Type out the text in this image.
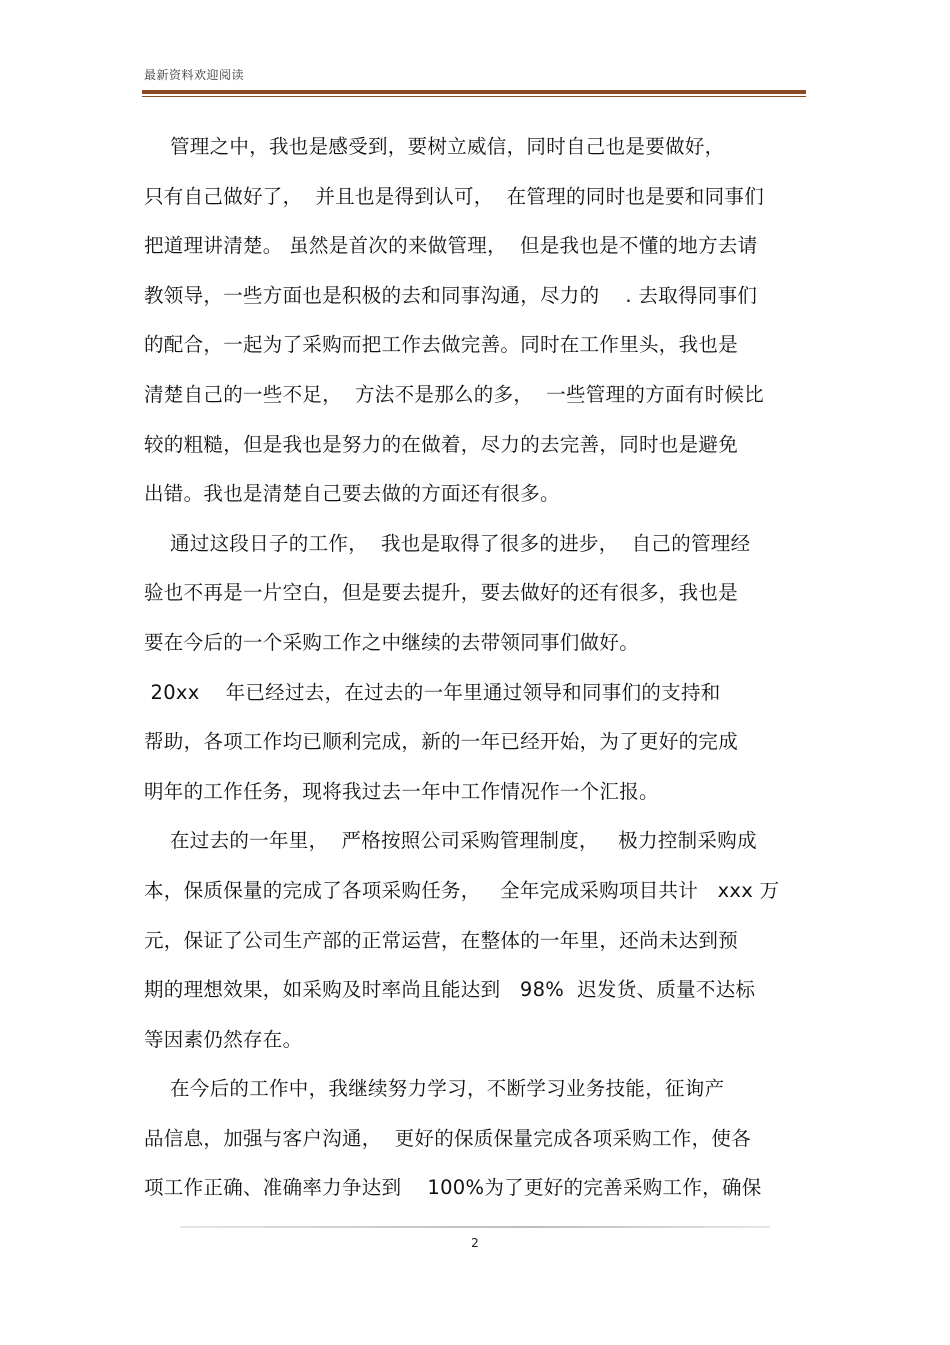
最新资料欢迎阅读
管理之中，我也是感受到，要树立威信，同时自己也是要做好，
只有自己做好了，  并且也是得到认可，  在管理的同时也是要和同事们
把道理讲清楚。 虽然是首次的来做管理，  但是我也是不懂的地方去请
教领导，一些方面也是积极的去和同事沟通，尽力的    . 去取得同事们
的配合，一起为了采购而把工作去做完善。同时在工作里头，我也是
清楚自己的一些不足，  方法不是那么的多，  一些管理的方面有时候比
较的粗糙，但是我也是努力的在做着，尽力的去完善，同时也是避免
出错。我也是清楚自己要去做的方面还有很多。
通过这段日子的工作，  我也是取得了很多的进步，  自己的管理经
验也不再是一片空白，但是要去提升，要去做好的还有很多，我也是
要在今后的一个采购工作之中继续的去带领同事们做好。
20xx    年已经过去，在过去的一年里通过领导和同事们的支持和
帮助，各项工作均已顺利完成，新的一年已经开始，为了更好的完成
明年的工作任务，现将我过去一年中工作情况作一个汇报。
在过去的一年里，  严格按照公司采购管理制度，   极力控制采购成
本，保质保量的完成了各项采购任务，   全年完成采购项目共计   xxx 万
元，保证了公司生产部的正常运营，在整体的一年里，还尚未达到预
期的理想效果，如采购及时率尚且能达到   98%  迟发货、质量不达标
等因素仍然存在。
在今后的工作中，我继续努力学习，不断学习业务技能，征询产
品信息，加强与客户沟通，  更好的保质保量完成各项采购工作，使各
项工作正确、准确率力争达到    100%为了更好的完善采购工作，确保
2
